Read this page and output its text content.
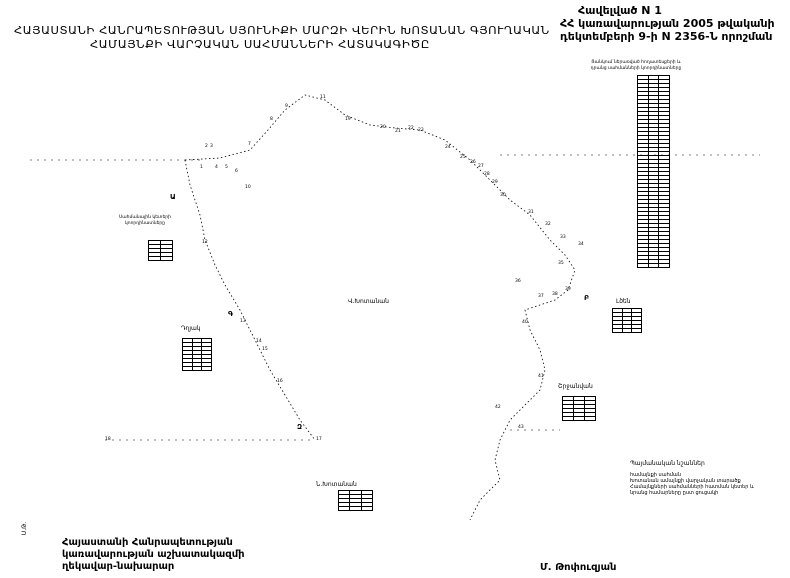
ՀԱՅԱՍՏԱՆԻ ՀԱՆՐԱՊԵՏՈՒԹՅԱՆ ՍՅՈՒՆԻՔԻ ՄԱՐԶԻ ՎԵՐԻՆ ԽՈՏԱՆԱՆ ԳՅՈՒՂԱԿԱՆ
ՀԱՄԱՅՆՔԻ ՎԱՐՉԱԿԱՆ ՍԱՀՄԱՆՆԵՐԻ ՀԱՏԱԿԱԳԻԾԸ
Հավելված N 1
ՀՀ կառավարության 2005 թվականի
դեկտեմբերի 9-ի N 2356-Ն որոշման
9
11
8	19
20
21
22 23
24
25
26
27
28
29
30
31
32
33
34
35
36
37 38
39
40
41
42
43
7
2 3
1	4 5
6
10
12
13
14
15
16
17
18
Վ.Խոտանան
Դղյակ
Լծեն
Շրջանվան
Ն.Խոտանան
Բ
Գ
Ա
Զ
Ցանկում ներառված հողատեսքերի և դրանց սահմանների կոորդինատները

Սահմանային կետերի կոորդինատները

Պայմանական նշաններ
համայնքի սահման
Խոտանան ամայնքի վարչական տարածք
Համայնքների սահմանների հատման կետեր և նրանց համարները ըստ ցուցակի
Հայաստանի Հանրապետության
կառավարության աշխատակազմի
ղեկավար-նախարար	Մ. Թոփուզյան
Ս.Թ.
